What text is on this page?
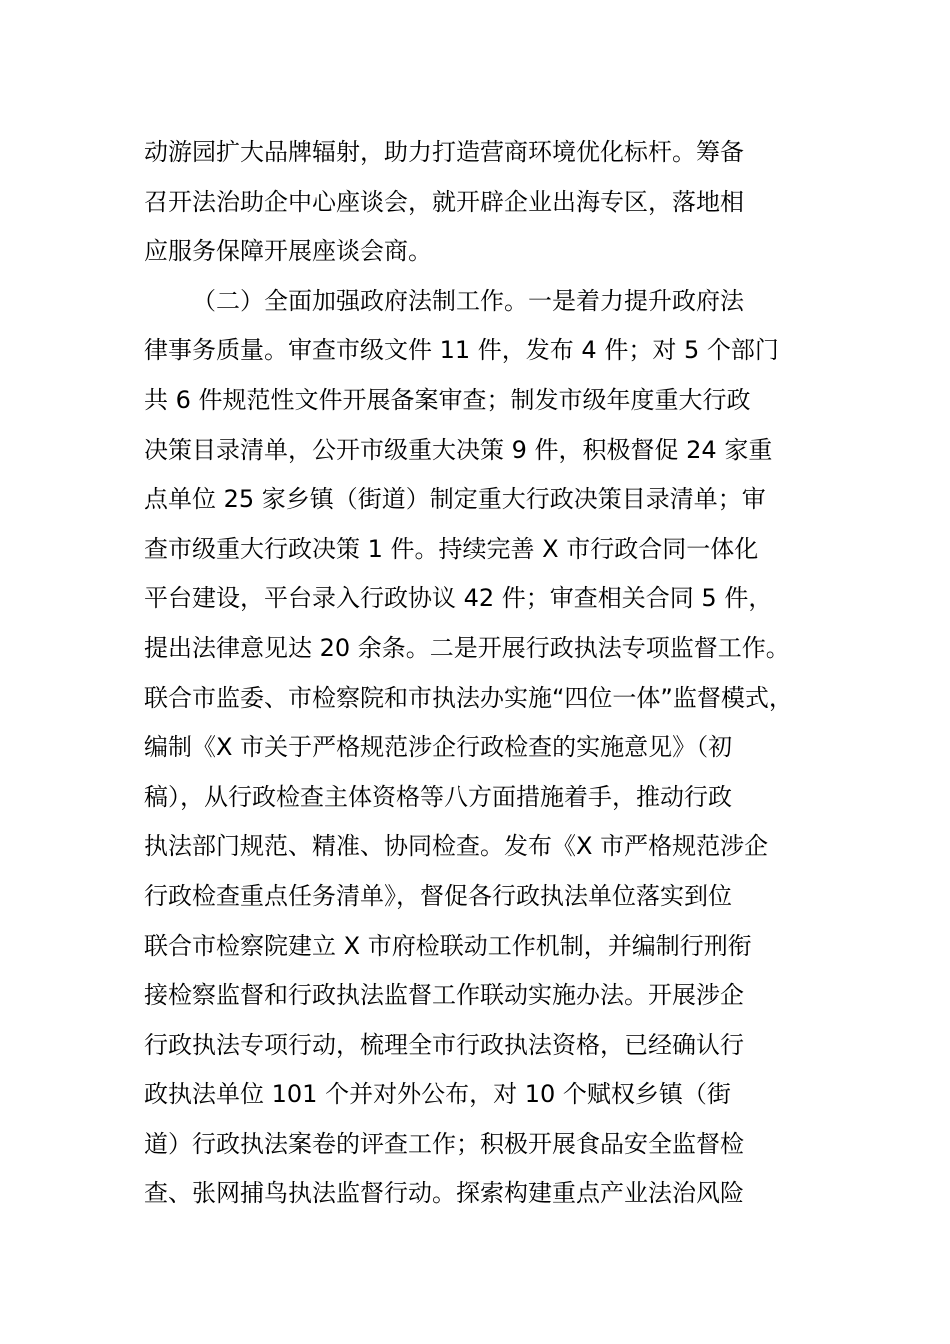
动游园扩大品牌辐射，助力打造营商环境优化标杆。筹备

召开法治助企中心座谈会，就开辟企业出海专区，落地相

应服务保障开展座谈会商。

（二）全面加强政府法制工作。一是着力提升政府法

律事务质量。审查市级文件 11 件，发布 4 件；对 5 个部门

共 6 件规范性文件开展备案审查；制发市级年度重大行政

决策目录清单，公开市级重大决策 9 件，积极督促 24 家重

点单位 25 家乡镇（街道）制定重大行政决策目录清单；审

查市级重大行政决策 1 件。持续完善 X 市行政合同一体化

平台建设，平台录入行政协议 42 件；审查相关合同 5 件，

提出法律意见达 20 余条。二是开展行政执法专项监督工作。

联合市监委、市检察院和市执法办实施“四位一体”监督模式，

编制《X 市关于严格规范涉企行政检查的实施意见》（初

稿），从行政检查主体资格等八方面措施着手，推动行政

执法部门规范、精准、协同检查。发布《X 市严格规范涉企

行政检查重点任务清单》，督促各行政执法单位落实到位

联合市检察院建立 X 市府检联动工作机制，并编制行刑衔

接检察监督和行政执法监督工作联动实施办法。开展涉企

行政执法专项行动，梳理全市行政执法资格，已经确认行

政执法单位 101 个并对外公布，对 10 个赋权乡镇（街

道）行政执法案卷的评查工作；积极开展食品安全监督检

查、张网捕鸟执法监督行动。探索构建重点产业法治风险
